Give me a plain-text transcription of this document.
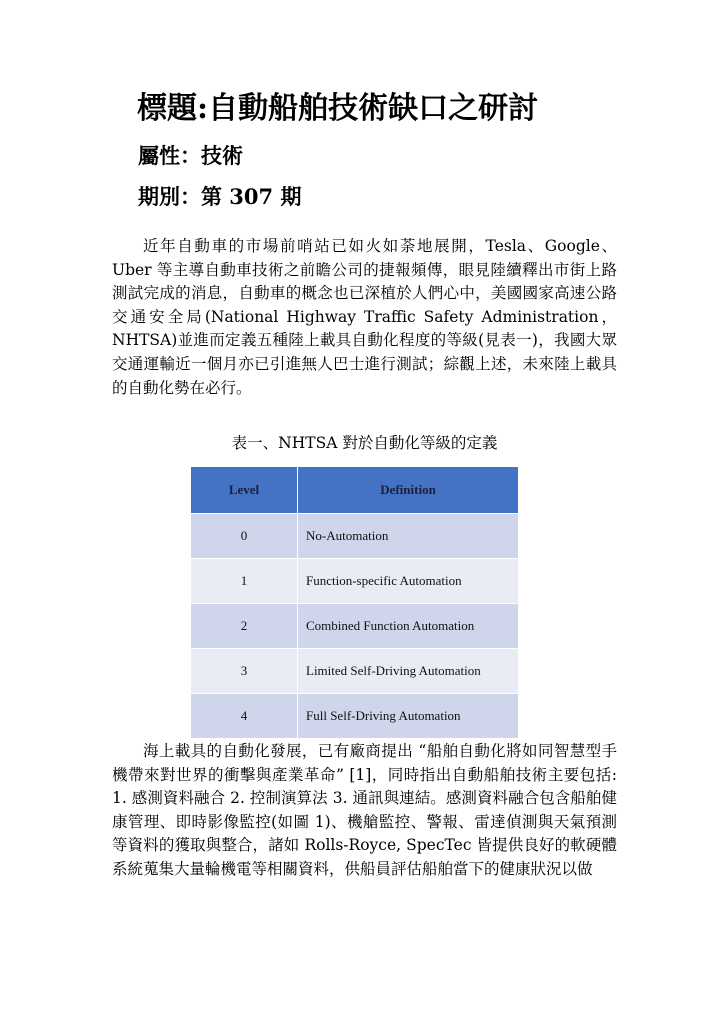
標題:自動船舶技術缺口之研討
屬性：技術
期別：第 307 期

近年自動車的市場前哨站已如火如荼地展開，Tesla、Google、Uber 等主導自動車技術之前瞻公司的捷報頻傳，眼見陸續釋出市街上路測試完成的消息，自動車的概念也已深植於人們心中，美國國家高速公路交通安全局(National Highway Traffic Safety Administration，NHTSA)並進而定義五種陸上載具自動化程度的等級(見表一)，我國大眾交通運輸近一個月亦已引進無人巴士進行測試；綜觀上述，未來陸上載具的自動化勢在必行。

表一、NHTSA 對於自動化等級的定義
Level	Definition
0	No-Automation
1	Function-specific Automation
2	Combined Function Automation
3	Limited Self-Driving Automation
4	Full Self-Driving Automation

海上載具的自動化發展，已有廠商提出 “船舶自動化將如同智慧型手機帶來對世界的衝擊與產業革命” [1]，同時指出自動船舶技術主要包括: 1. 感測資料融合 2. 控制演算法 3. 通訊與連結。感測資料融合包含船舶健康管理、即時影像監控(如圖 1)、機艙監控、警報、雷達偵測與天氣預測等資料的獲取與整合，諸如 Rolls-Royce, SpecTec 皆提供良好的軟硬體系統蒐集大量輪機電等相關資料，供船員評估船舶當下的健康狀況以做
